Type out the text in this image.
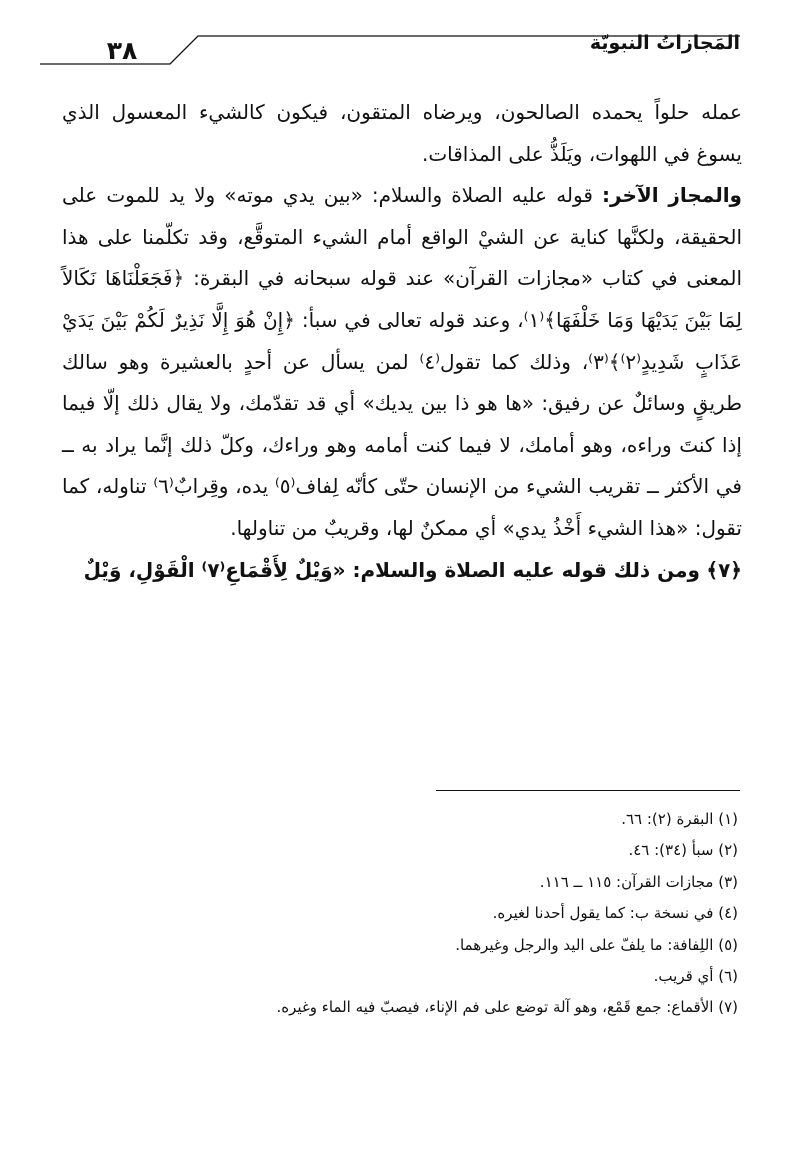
المَجازاتُ النبويّة
٣٨

عمله حلواً يحمده الصالحون، ويرضاه المتقون، فيكون كالشيء المعسول الذي يسوغ في اللهوات، ويَلَذُّ على المذاقات.

والمجاز الآخر: قوله عليه الصلاة والسلام: «بين يدي موته» ولا يد للموت على الحقيقة، ولكنَّها كناية عن الشيْ الواقع أمام الشيء المتوقَّع، وقد تكلّمنا على هذا المعنى في كتاب «مجازات القرآن» عند قوله سبحانه في البقرة: ﴿فَجَعَلْنَاهَا نَكَالاً لِمَا بَيْنَ يَدَيْهَا وَمَا خَلْفَهَا﴾⁽١⁾، وعند قوله تعالى في سبأ: ﴿إِنْ هُوَ إِلَّا نَذِيرٌ لَكُمْ بَيْنَ يَدَيْ عَذَابٍ شَدِيدٍ⁽٢⁾﴾⁽٣⁾، وذلك كما تقول⁽٤⁾ لمن يسأل عن أحدٍ بالعشيرة وهو سالك طريقٍ وسائلٌ عن رفيق: «ها هو ذا بين يديك» أي قد تقدّمك، ولا يقال ذلك إلّا فيما إذا كنتَ وراءه، وهو أمامك، لا فيما كنت أمامه وهو وراءك، وكلّ ذلك إنَّما يراد به ــ في الأكثر ــ تقريب الشيء من الإنسان حتّى كأنّه لِفاف⁽٥⁾ يده، وقِرابٌ⁽٦⁾ تناوله، كما تقول: «هذا الشيء أَخْذُ يدي» أي ممكنٌ لها، وقريبٌ من تناولها.

﴿٧﴾ ومن ذلك قوله عليه الصلاة والسلام: «وَيْلٌ لِأَقْمَاعِ⁽٧⁾ الْقَوْلِ، وَيْلٌ

(١) البقرة (٢): ٦٦.
(٢) سبأ (٣٤): ٤٦.
(٣) مجازات القرآن: ١١٥ ــ ١١٦.
(٤) في نسخة ب: كما يقول أحدنا لغيره.
(٥) اللِفافة: ما يلفّ على اليد والرجل وغيرهما.
(٦) أي قريب.
(٧) الأقماع: جمع قَمْع، وهو آلة توضع على فم الإناء، فيصبّ فيه الماء وغيره.
